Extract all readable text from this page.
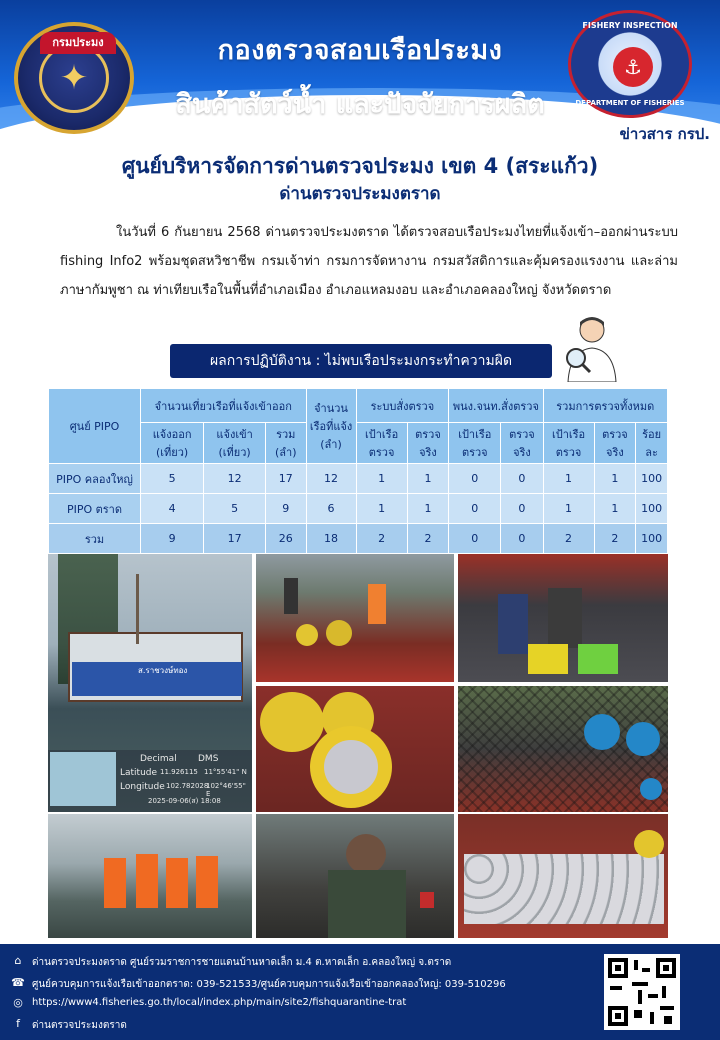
กรมประมง
✦
กองตรวจสอบเรือประมง
สินค้าสัตว์น้ำ และปัจจัยการผลิต
FISHERY INSPECTION
⚓
DEPARTMENT OF FISHERIES
ข่าวสาร กรป.
ศูนย์บริหารจัดการด่านตรวจประมง เขต 4 (สระแก้ว)
ด่านตรวจประมงตราด
ในวันที่ 6 กันยายน 2568 ด่านตรวจประมงตราด ได้ตรวจสอบเรือประมงไทยที่แจ้งเข้า–ออกผ่านระบบ fishing Info2 พร้อมชุดสหวิชาชีพ กรมเจ้าท่า กรมการจัดหางาน กรมสวัสดิการและคุ้มครองแรงงาน และล่ามภาษากัมพูชา ณ ท่าเทียบเรือในพื้นที่อำเภอเมือง อำเภอแหลมงอบ และอำเภอคลองใหญ่ จังหวัดตราด
ผลการปฏิบัติงาน : ไม่พบเรือประมงกระทำความผิด
ศูนย์ PIPO	จำนวนเที่ยวเรือที่แจ้งเข้าออก			จำนวนเรือที่แจ้ง (ลำ)	ระบบสั่งตรวจ		พนง.จนท.สั่งตรวจ		รวมการตรวจทั้งหมด		
	แจ้งออก (เที่ยว)	แจ้งเข้า (เที่ยว)	รวม (ลำ)		เป้าเรือตรวจ	ตรวจจริง	เป้าเรือตรวจ	ตรวจจริง	เป้าเรือตรวจ	ตรวจจริง	ร้อยละ
PIPO คลองใหญ่	5	12	17	12	1	1	0	0	1	1	100
PIPO ตราด	4	5	9	6	1	1	0	0	1	1	100
รวม	9	17	26	18	2	2	0	0	2	2	100
ส.ราชวงษ์ทอง
Decimal DMS
Latitude 11.926115 11°55'41" N
Longitude 102.782028
102°46'55" E
2025-09-06(ส) 18:08
⌂	ด่านตรวจประมงตราด ศูนย์รวมราชการชายแดนบ้านหาดเล็ก ม.4 ต.หาดเล็ก อ.คลองใหญ่ จ.ตราด
☎ ศูนย์ควบคุมการแจ้งเรือเข้าออกตราด: 039-521533/ศูนย์ควบคุมการแจ้งเรือเข้าออกคลองใหญ่: 039-510296
◎ https://www4.fisheries.go.th/local/index.php/main/site2/fishquarantine-trat
f	ด่านตรวจประมงตราด
